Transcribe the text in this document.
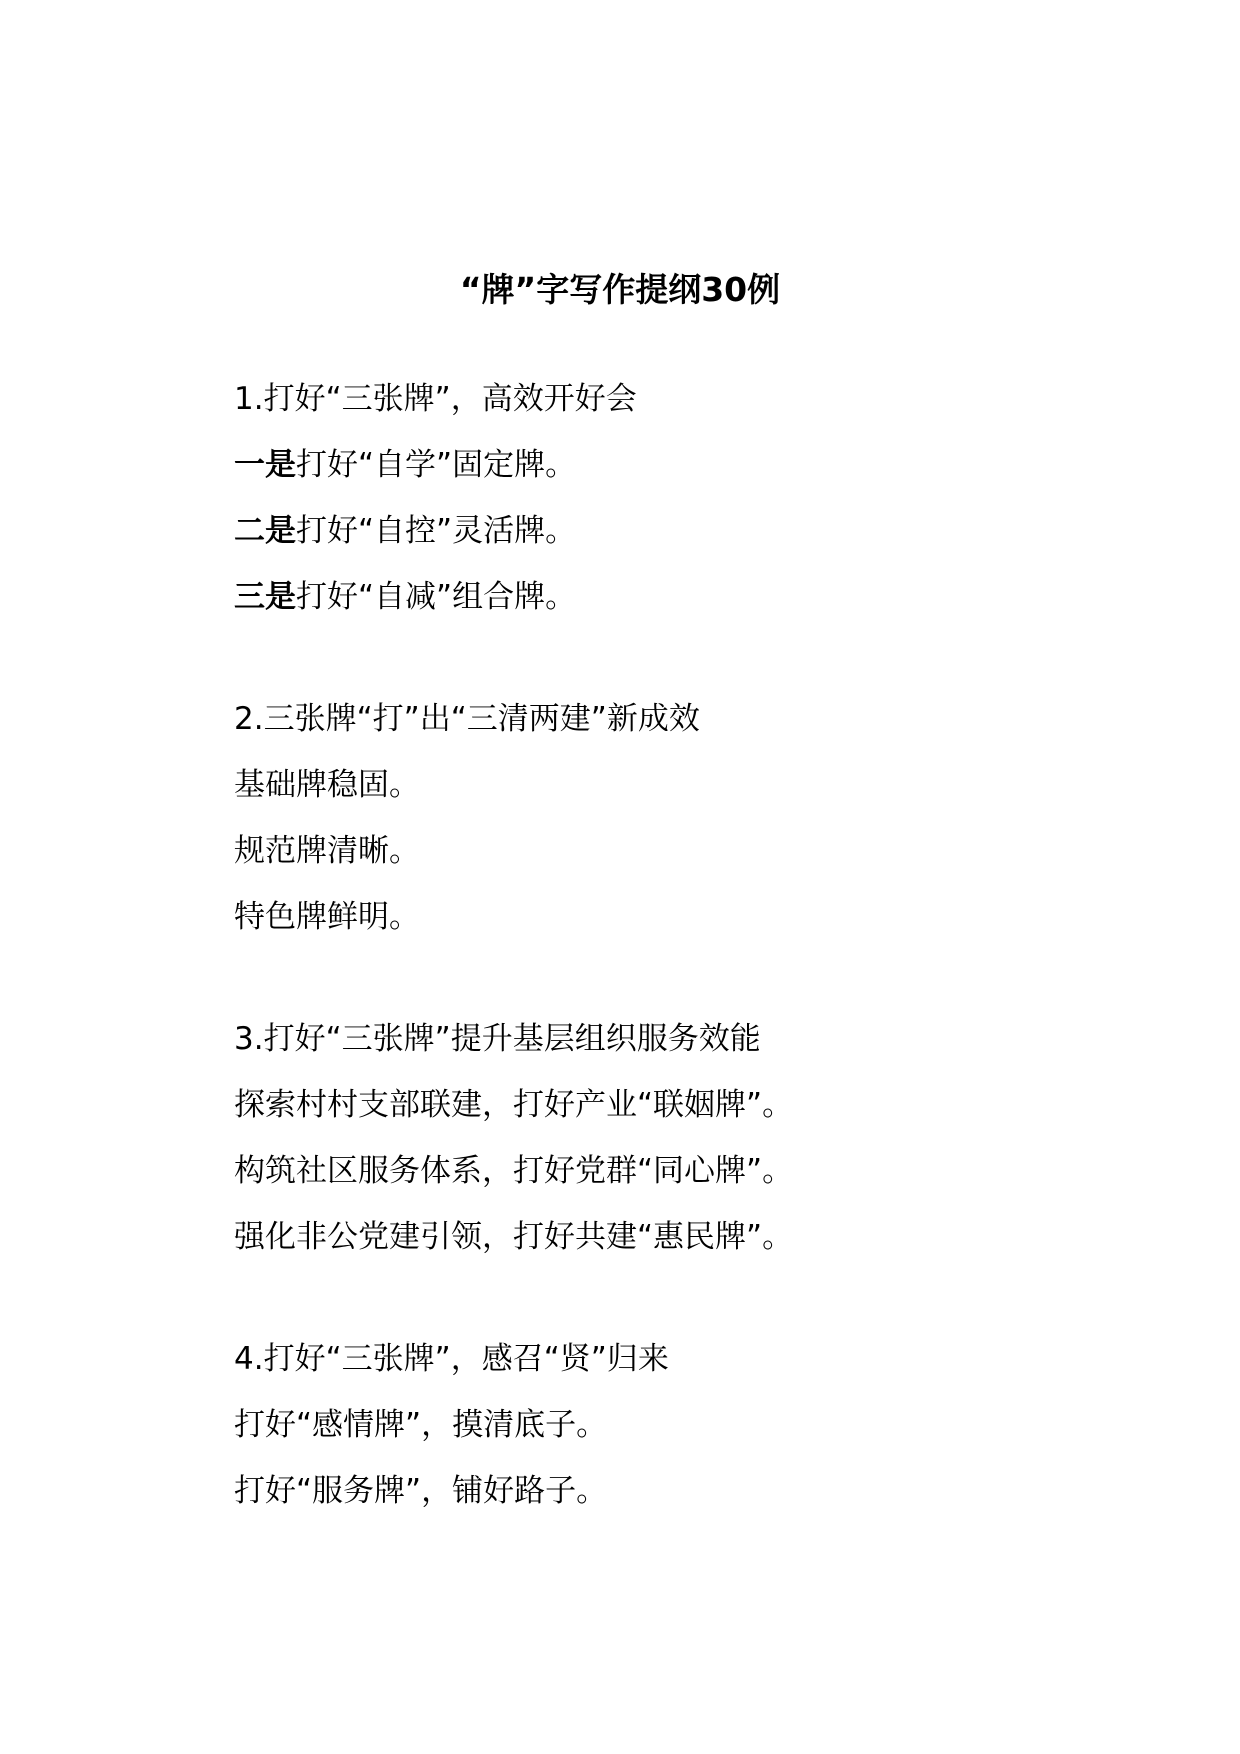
“牌”字写作提纲30例
1.打好“三张牌”，高效开好会
一是打好“自学”固定牌。
二是打好“自控”灵活牌。
三是打好“自减”组合牌。
2.三张牌“打”出“三清两建”新成效
基础牌稳固。
规范牌清晰。
特色牌鲜明。
3.打好“三张牌”提升基层组织服务效能
探索村村支部联建，打好产业“联姻牌”。
构筑社区服务体系，打好党群“同心牌”。
强化非公党建引领，打好共建“惠民牌”。
4.打好“三张牌”，感召“贤”归来
打好“感情牌”，摸清底子。
打好“服务牌”，铺好路子。
